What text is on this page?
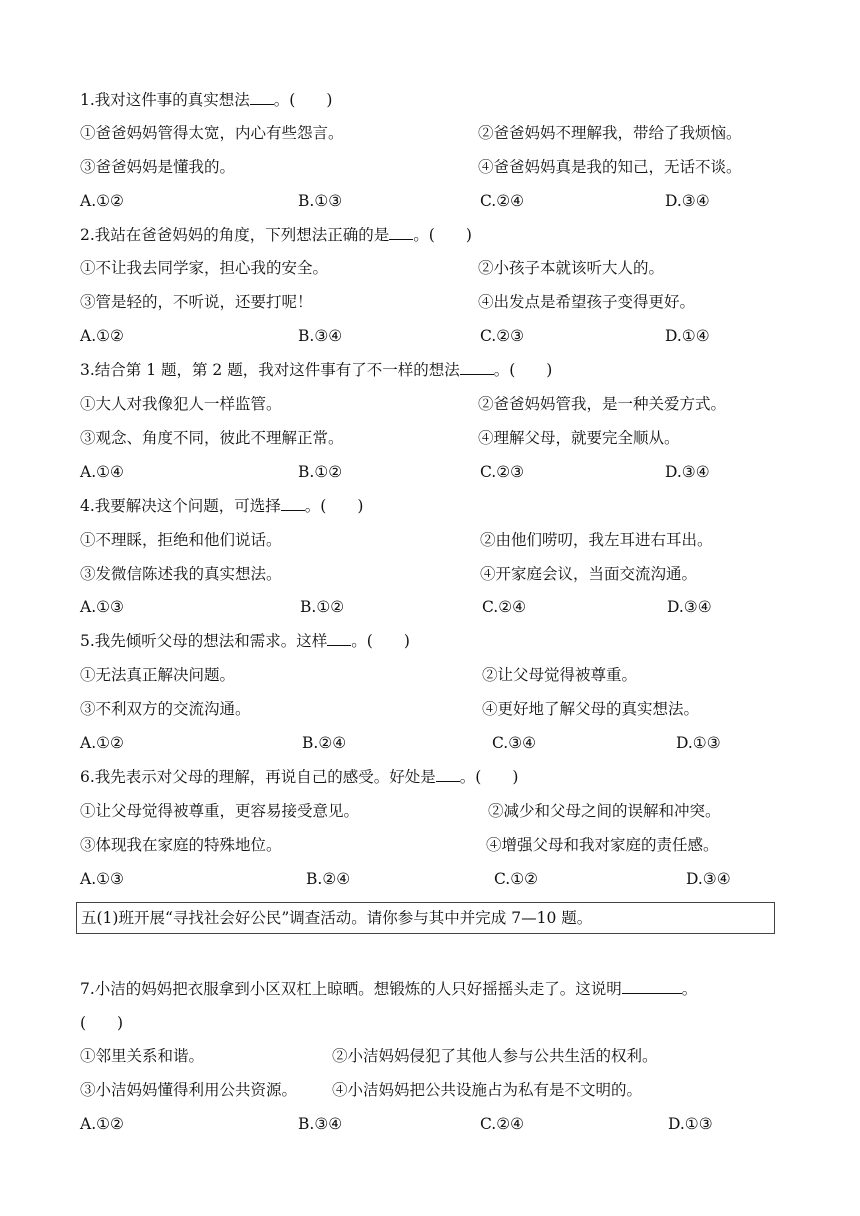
1.我对这件事的真实想法 。(　　)
①爸爸妈妈管得太宽，内心有些怨言。	②爸爸妈妈不理解我，带给了我烦恼。
③爸爸妈妈是懂我的。	④爸爸妈妈真是我的知己，无话不谈。
A.①②	B.①③	C.②④	D.③④
2.我站在爸爸妈妈的角度，下列想法正确的是 。(　　)
①不让我去同学家，担心我的安全。	②小孩子本就该听大人的。
③管是轻的，不听说，还要打呢！	④出发点是希望孩子变得更好。
A.①②	B.③④	C.②③	D.①④
3.结合第 1 题，第 2 题，我对这件事有了不一样的想法 。(　　)
①大人对我像犯人一样监管。	②爸爸妈妈管我，是一种关爱方式。
③观念、角度不同，彼此不理解正常。	④理解父母，就要完全顺从。
A.①④	B.①②	C.②③	D.③④
4.我要解决这个问题，可选择 。(　　)
①不理睬，拒绝和他们说话。	②由他们唠叨，我左耳进右耳出。
③发微信陈述我的真实想法。	④开家庭会议，当面交流沟通。
A.①③	B.①②	C.②④	D.③④
5.我先倾听父母的想法和需求。这样 。(　　)
①无法真正解决问题。	②让父母觉得被尊重。
③不利双方的交流沟通。	④更好地了解父母的真实想法。
A.①②	B.②④	C.③④	D.①③
6.我先表示对父母的理解，再说自己的感受。好处是 。(　　)
①让父母觉得被尊重，更容易接受意见。	②减少和父母之间的误解和冲突。
③体现我在家庭的特殊地位。	④增强父母和我对家庭的责任感。
A.①③	B.②④	C.①②	D.③④
五(1)班开展“寻找社会好公民”调查活动。请你参与其中并完成 7—10 题。
7.小洁的妈妈把衣服拿到小区双杠上晾晒。想锻炼的人只好摇摇头走了。这说明	。
(　　)
①邻里关系和谐。	②小洁妈妈侵犯了其他人参与公共生活的权利。
③小洁妈妈懂得利用公共资源。 ④小洁妈妈把公共设施占为私有是不文明的。
A.①②	B.③④	C.②④	D.①③
